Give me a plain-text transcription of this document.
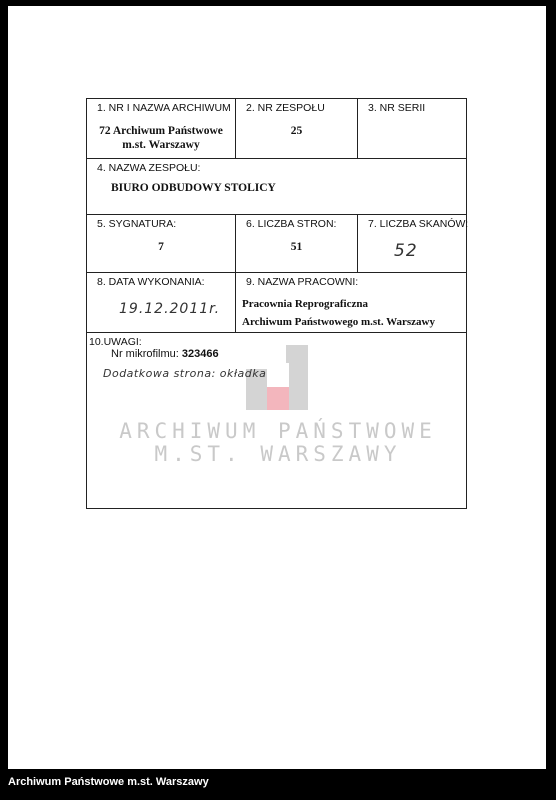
1. NR I NAZWA ARCHIWUM
72 Archiwum Państwowe
m.st. Warszawy
2. NR ZESPOŁU
25
3. NR SERII
4. NAZWA ZESPOŁU:
BIURO ODBUDOWY STOLICY
5. SYGNATURA:
7
6. LICZBA STRON:
51
7. LICZBA SKANÓW:
52
8. DATA WYKONANIA:
19.12.2011r.
9. NAZWA PRACOWNI:
Pracownia Reprograficzna
Archiwum Państwowego m.st. Warszawy
10.UWAGI:
Nr mikrofilmu: 323466
Dodatkowa strona: okładka
ARCHIWUM PAŃSTWOWE
M.ST. WARSZAWY
Archiwum Państwowe m.st. Warszawy
